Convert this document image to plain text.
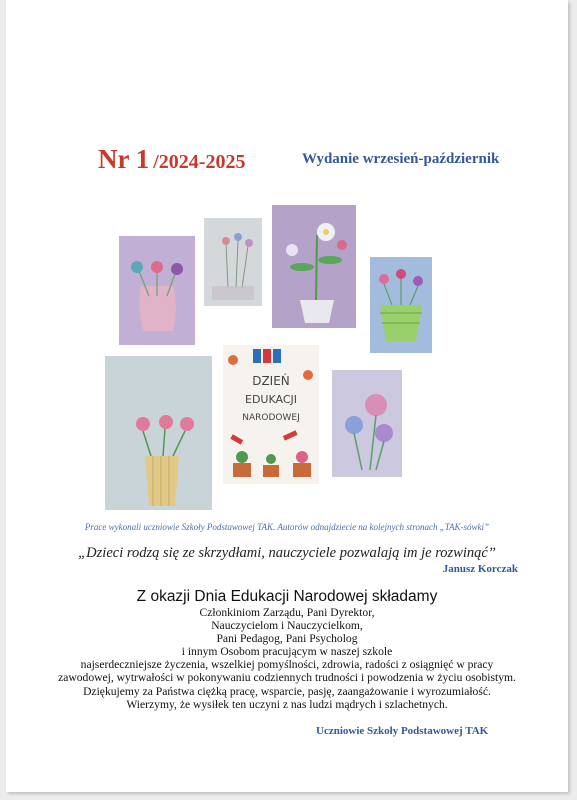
Nr 1 /2024-2025	Wydanie wrzesień-październik
DZIEŃ
EDUKACJI
NARODOWEJ
Prace wykonali uczniowie Szkoły Podstawowej TAK. Autorów odnajdziecie na kolejnych stronach „TAK-sówki”
„Dzieci rodzą się ze skrzydłami, nauczyciele pozwalają im je rozwinąć”
Janusz Korczak
Z okazji Dnia Edukacji Narodowej składamy
Członkiniom Zarządu, Pani Dyrektor,
Nauczycielom i Nauczycielkom,
Pani Pedagog, Pani Psycholog
i innym Osobom pracującym w naszej szkole
najserdeczniejsze życzenia, wszelkiej pomyślności, zdrowia, radości z osiągnięć w pracy
zawodowej, wytrwałości w pokonywaniu codziennych trudności i powodzenia w życiu osobistym.
Dziękujemy za Państwa ciężką pracę, wsparcie, pasję, zaangażowanie i wyrozumiałość.
Wierzymy, że wysiłek ten uczyni z nas ludzi mądrych i szlachetnych.
Uczniowie Szkoły Podstawowej TAK
